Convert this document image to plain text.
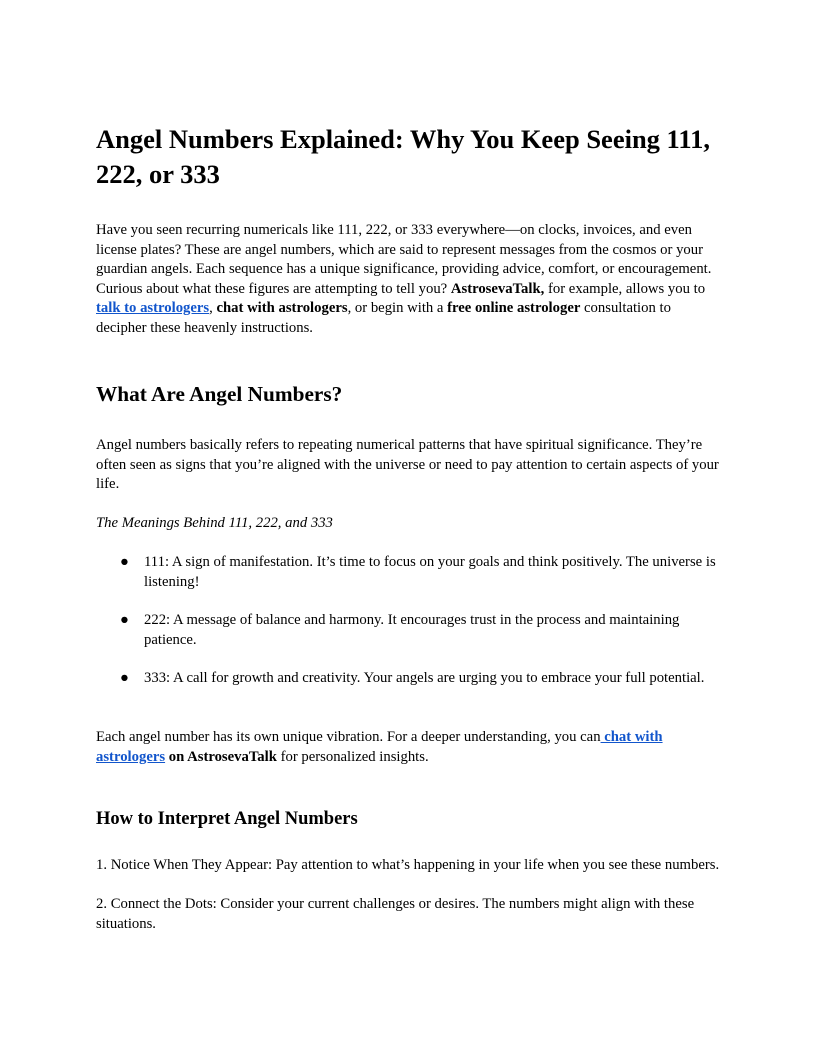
Angel Numbers Explained: Why You Keep Seeing 111, 222, or 333

Have you seen recurring numericals like 111, 222, or 333 everywhere—on clocks, invoices, and even license plates? These are angel numbers, which are said to represent messages from the cosmos or your guardian angels. Each sequence has a unique significance, providing advice, comfort, or encouragement. Curious about what these figures are attempting to tell you? AstrosevaTalk, for example, allows you to talk to astrologers, chat with astrologers, or begin with a free online astrologer consultation to decipher these heavenly instructions.

What Are Angel Numbers?

Angel numbers basically refers to repeating numerical patterns that have spiritual significance. They’re often seen as signs that you’re aligned with the universe or need to pay attention to certain aspects of your life.

The Meanings Behind 111, 222, and 333

● 111: A sign of manifestation. It’s time to focus on your goals and think positively. The universe is listening!
● 222: A message of balance and harmony. It encourages trust in the process and maintaining patience.
● 333: A call for growth and creativity. Your angels are urging you to embrace your full potential.

Each angel number has its own unique vibration. For a deeper understanding, you can chat with astrologers on AstrosevaTalk for personalized insights.

How to Interpret Angel Numbers

1. Notice When They Appear: Pay attention to what’s happening in your life when you see these numbers.

2. Connect the Dots: Consider your current challenges or desires. The numbers might align with these situations.
